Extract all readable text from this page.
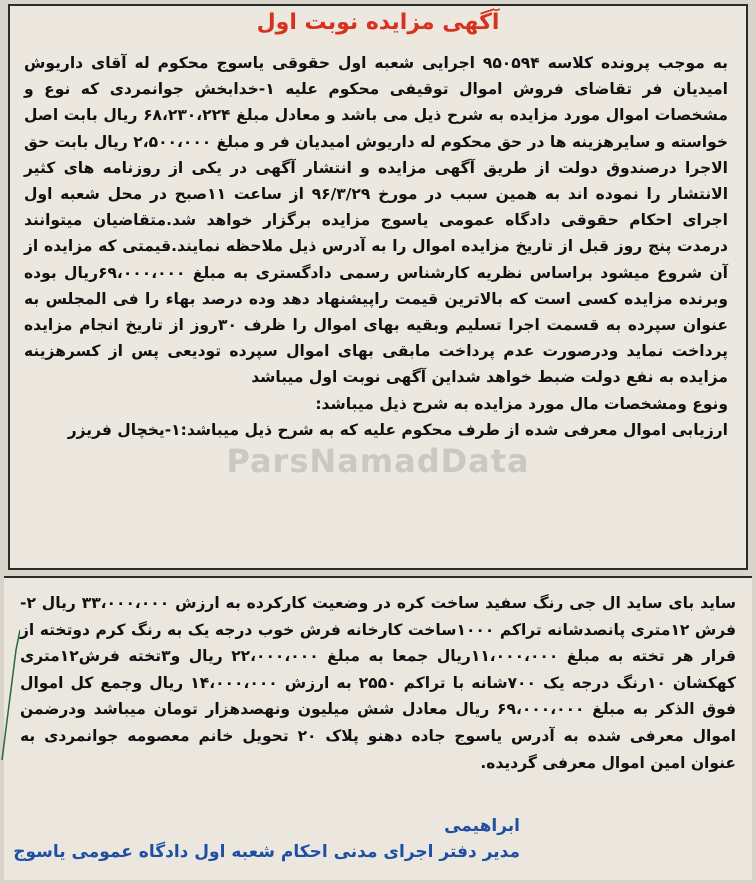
آگهی مزایده نوبت اول

به موجب پرونده کلاسه ۹۵۰۵۹۴ اجرایی شعبه اول حقوقی یاسوج محکوم له آقای داریوش امیدیان فر تقاضای فروش اموال توقیفی محکوم علیه ۱-خدابخش جوانمردی که نوع و مشخصات اموال مورد مزایده به شرح ذیل می باشد و معادل مبلغ ۶۸،۲۳۰،۲۲۴ ریال بابت اصل خواسته و سایرهزینه ها در حق محکوم له داریوش امیدیان فر و مبلغ ۲،۵۰۰،۰۰۰ ریال بابت حق الاجرا درصندوق دولت از طریق آگهی مزایده و انتشار آگهی در یکی از روزنامه های کثیر الانتشار را نموده اند به همین سبب در مورخ ۹۶/۳/۲۹ از ساعت ۱۱صبح در محل شعبه اول اجرای احکام حقوقی دادگاه عمومی یاسوج مزایده برگزار خواهد شد.متقاضیان میتوانند درمدت پنج روز قبل از تاریخ مزایده اموال را به آدرس ذیل ملاحظه نمایند.قیمتی که مزایده از آن شروع میشود براساس نظریه کارشناس رسمی دادگستری به مبلغ ۶۹،۰۰۰،۰۰۰ریال بوده وبرنده مزایده کسی است که بالاترین قیمت راپیشنهاد دهد وده درصد بهاء را فی المجلس به عنوان سپرده به قسمت اجرا تسلیم وبقیه بهای اموال را ظرف ۳۰روز از تاریخ انجام مزایده پرداخت نماید ودرصورت عدم پرداخت مابقی بهای اموال سپرده تودیعی پس از کسرهزینه مزایده به نفع دولت ضبط خواهد شداین آگهی نوبت اول میباشد

ونوع ومشخصات مال مورد مزایده به شرح ذیل میباشد:

ارزیابی اموال معرفی شده از طرف محکوم علیه که به شرح ذیل میباشد:۱-یخچال فریزر

ParsNamadData

ساید بای ساید ال جی رنگ سفید ساخت کره در وضعیت کارکرده به ارزش ۳۳،۰۰۰،۰۰۰ ریال ۲-فرش ۱۲متری پانصدشانه تراکم ۱۰۰۰ساخت کارخانه فرش خوب درجه یک به رنگ کرم دوتخته از قرار هر تخته به مبلغ ۱۱،۰۰۰،۰۰۰ریال جمعا به مبلغ ۲۲،۰۰۰،۰۰۰ ریال و۳تخته فرش۱۲متری کهکشان ۱۰رنگ درجه یک ۷۰۰شانه با تراکم ۲۵۵۰ به ارزش ۱۴،۰۰۰،۰۰۰ ریال وجمع کل اموال فوق الذکر به مبلغ ۶۹،۰۰۰،۰۰۰ ریال معادل شش میلیون ونهصدهزار تومان میباشد ودرضمن اموال معرفی شده به آدرس یاسوج جاده دهنو پلاک ۲۰ تحویل خانم معصومه جوانمردی به عنوان امین اموال معرفی گردیده.

ابراهیمی
مدیر دفتر اجرای مدنی احکام شعبه اول دادگاه عمومی یاسوج
